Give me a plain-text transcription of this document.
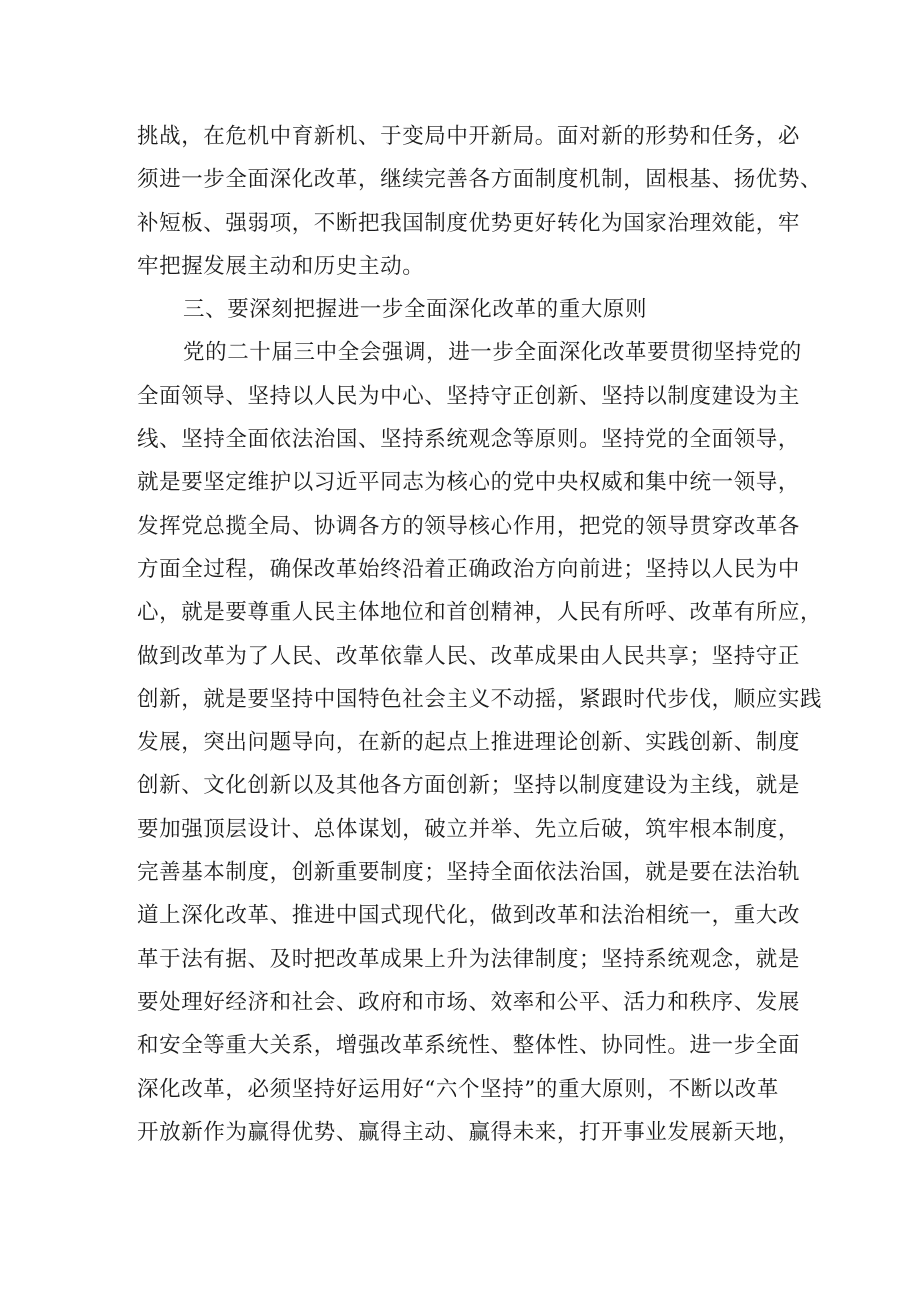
挑战，在危机中育新机、于变局中开新局。面对新的形势和任务，必
须进一步全面深化改革，继续完善各方面制度机制，固根基、扬优势、
补短板、强弱项，不断把我国制度优势更好转化为国家治理效能，牢
牢把握发展主动和历史主动。
三、要深刻把握进一步全面深化改革的重大原则
党的二十届三中全会强调，进一步全面深化改革要贯彻坚持党的
全面领导、坚持以人民为中心、坚持守正创新、坚持以制度建设为主
线、坚持全面依法治国、坚持系统观念等原则。坚持党的全面领导，
就是要坚定维护以习近平同志为核心的党中央权威和集中统一领导，
发挥党总揽全局、协调各方的领导核心作用，把党的领导贯穿改革各
方面全过程，确保改革始终沿着正确政治方向前进；坚持以人民为中
心，就是要尊重人民主体地位和首创精神，人民有所呼、改革有所应，
做到改革为了人民、改革依靠人民、改革成果由人民共享；坚持守正
创新，就是要坚持中国特色社会主义不动摇，紧跟时代步伐，顺应实践
发展，突出问题导向，在新的起点上推进理论创新、实践创新、制度
创新、文化创新以及其他各方面创新；坚持以制度建设为主线，就是
要加强顶层设计、总体谋划，破立并举、先立后破，筑牢根本制度，
完善基本制度，创新重要制度；坚持全面依法治国，就是要在法治轨
道上深化改革、推进中国式现代化，做到改革和法治相统一，重大改
革于法有据、及时把改革成果上升为法律制度；坚持系统观念，就是
要处理好经济和社会、政府和市场、效率和公平、活力和秩序、发展
和安全等重大关系，增强改革系统性、整体性、协同性。进一步全面
深化改革，必须坚持好运用好“六个坚持”的重大原则，不断以改革
开放新作为赢得优势、赢得主动、赢得未来，打开事业发展新天地，
